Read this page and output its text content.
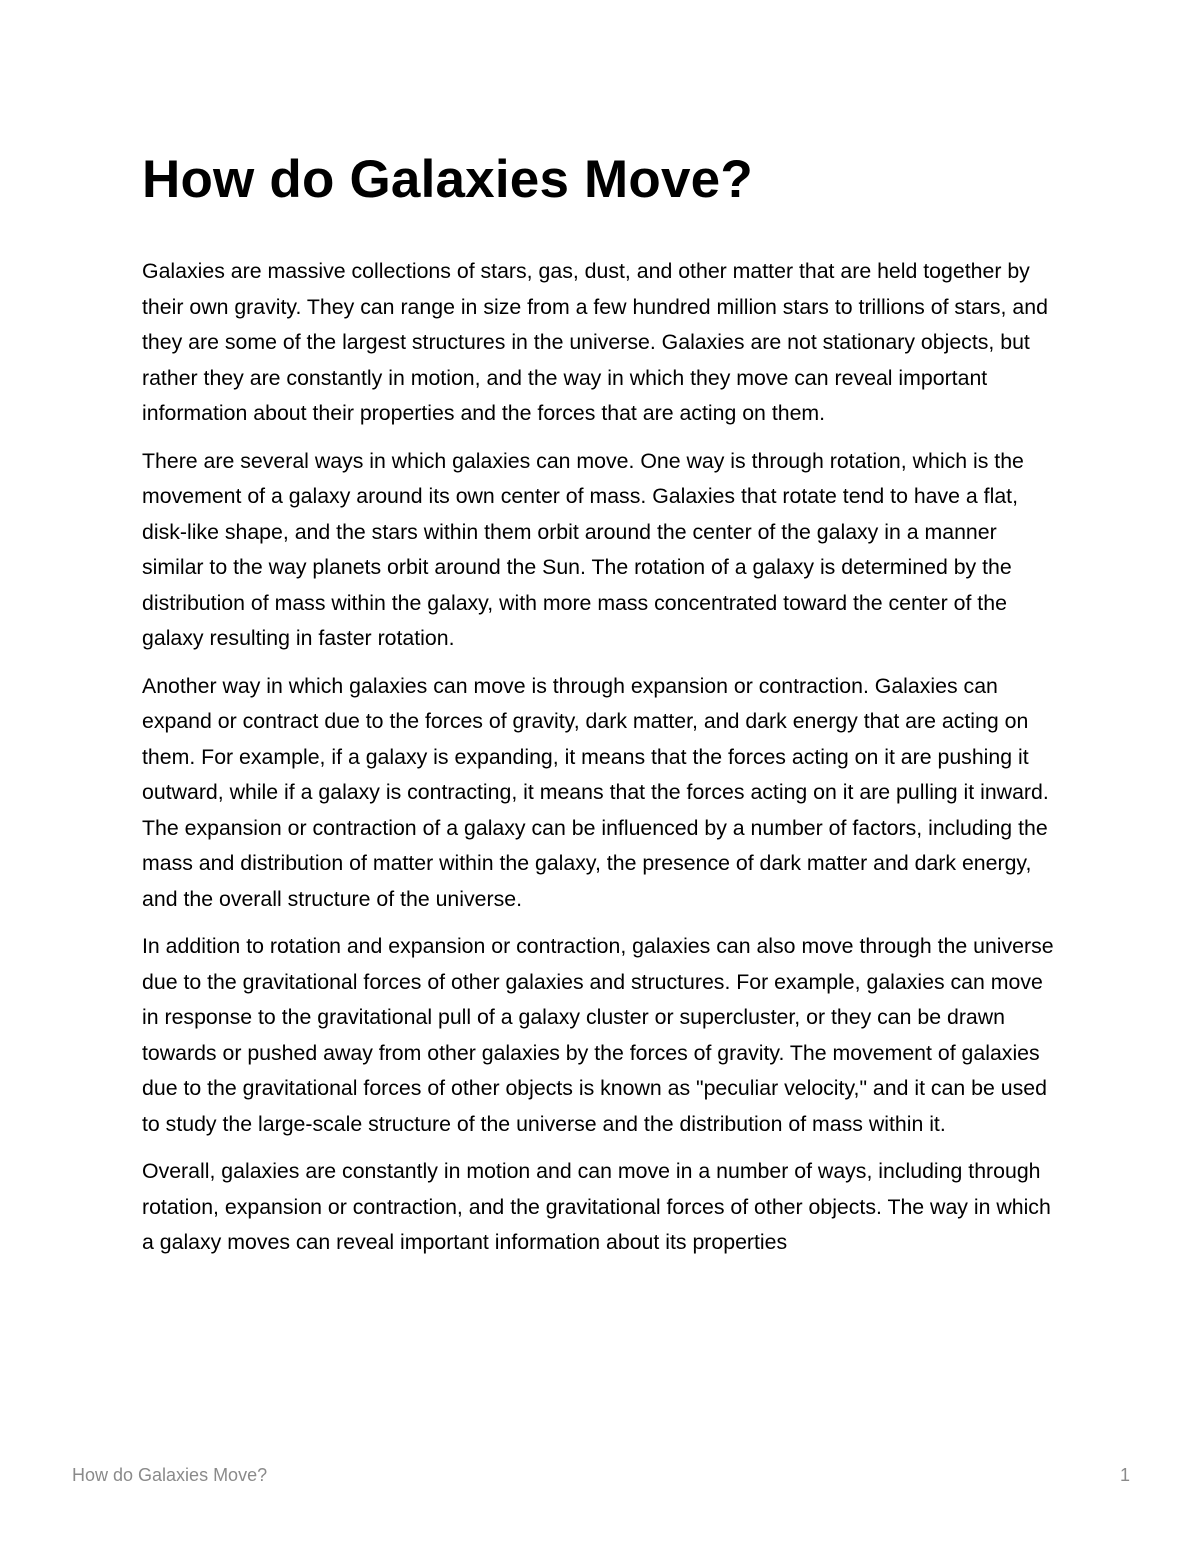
How do Galaxies Move?

Galaxies are massive collections of stars, gas, dust, and other matter that are held together by their own gravity. They can range in size from a few hundred million stars to trillions of stars, and they are some of the largest structures in the universe. Galaxies are not stationary objects, but rather they are constantly in motion, and the way in which they move can reveal important information about their properties and the forces that are acting on them.

There are several ways in which galaxies can move. One way is through rotation, which is the movement of a galaxy around its own center of mass. Galaxies that rotate tend to have a flat, disk-like shape, and the stars within them orbit around the center of the galaxy in a manner similar to the way planets orbit around the Sun. The rotation of a galaxy is determined by the distribution of mass within the galaxy, with more mass concentrated toward the center of the galaxy resulting in faster rotation.

Another way in which galaxies can move is through expansion or contraction. Galaxies can expand or contract due to the forces of gravity, dark matter, and dark energy that are acting on them. For example, if a galaxy is expanding, it means that the forces acting on it are pushing it outward, while if a galaxy is contracting, it means that the forces acting on it are pulling it inward. The expansion or contraction of a galaxy can be influenced by a number of factors, including the mass and distribution of matter within the galaxy, the presence of dark matter and dark energy, and the overall structure of the universe.

In addition to rotation and expansion or contraction, galaxies can also move through the universe due to the gravitational forces of other galaxies and structures. For example, galaxies can move in response to the gravitational pull of a galaxy cluster or supercluster, or they can be drawn towards or pushed away from other galaxies by the forces of gravity. The movement of galaxies due to the gravitational forces of other objects is known as "peculiar velocity," and it can be used to study the large-scale structure of the universe and the distribution of mass within it.

Overall, galaxies are constantly in motion and can move in a number of ways, including through rotation, expansion or contraction, and the gravitational forces of other objects. The way in which a galaxy moves can reveal important information about its properties

How do Galaxies Move?	1
